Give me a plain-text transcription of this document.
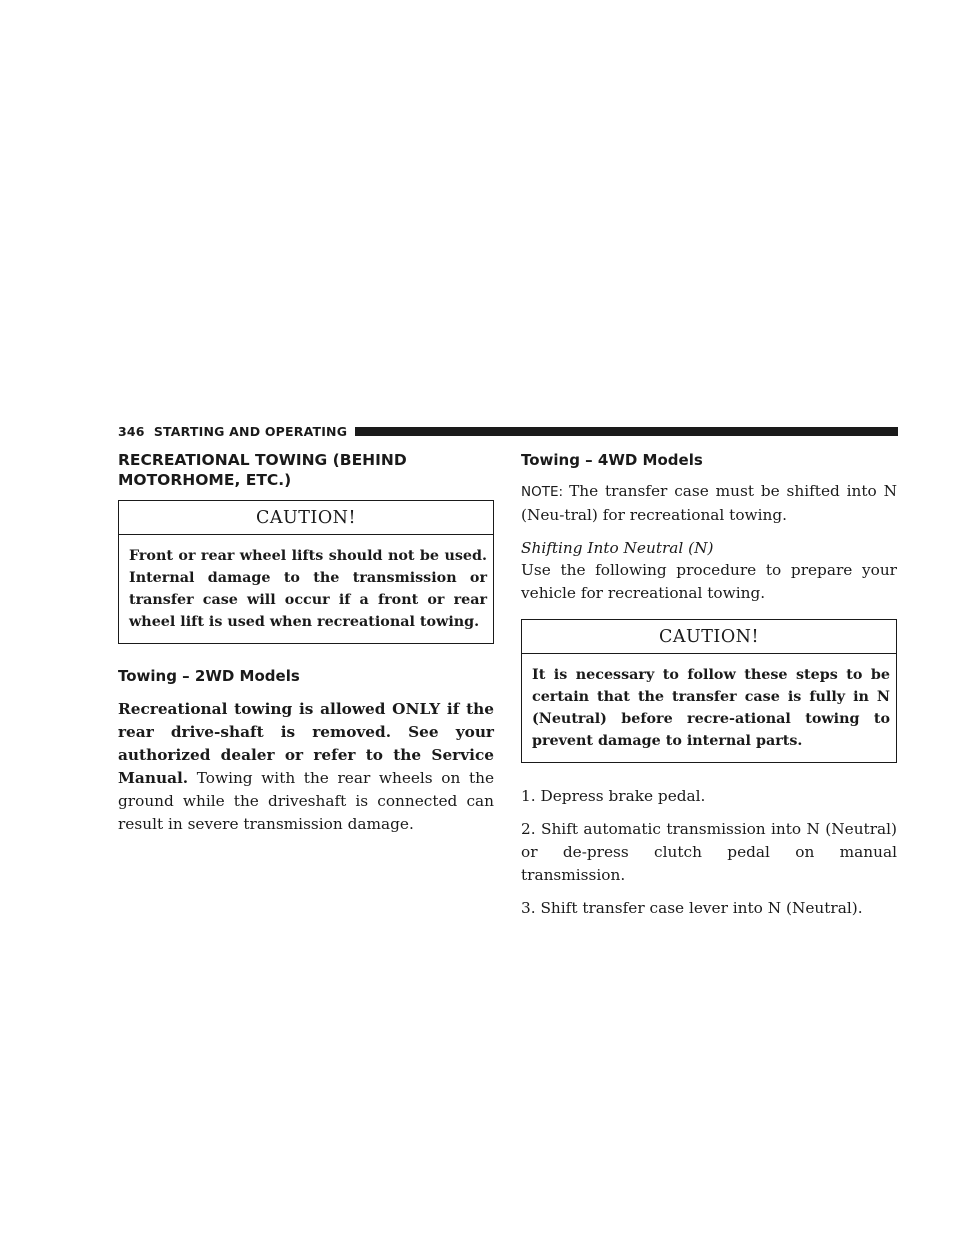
346 STARTING AND OPERATING
RECREATIONAL TOWING (BEHIND MOTORHOME, ETC.)
CAUTION!
Front or rear wheel lifts should not be used. Internal damage to the transmission or transfer case will occur if a front or rear wheel lift is used when recreational towing.
Towing – 2WD Models

Recreational towing is allowed ONLY if the rear drive-shaft is removed. See your authorized dealer or refer to the Service Manual. Towing with the rear wheels on the ground while the driveshaft is connected can result in severe transmission damage.

Towing – 4WD Models

NOTE: The transfer case must be shifted into N (Neu-tral) for recreational towing.

Shifting Into Neutral (N)

Use the following procedure to prepare your vehicle for recreational towing.

CAUTION!
It is necessary to follow these steps to be certain that the transfer case is fully in N (Neutral) before recre-ational towing to prevent damage to internal parts.
1. Depress brake pedal.
2. Shift automatic transmission into N (Neutral) or de-press clutch pedal on manual transmission.
3. Shift transfer case lever into N (Neutral).
